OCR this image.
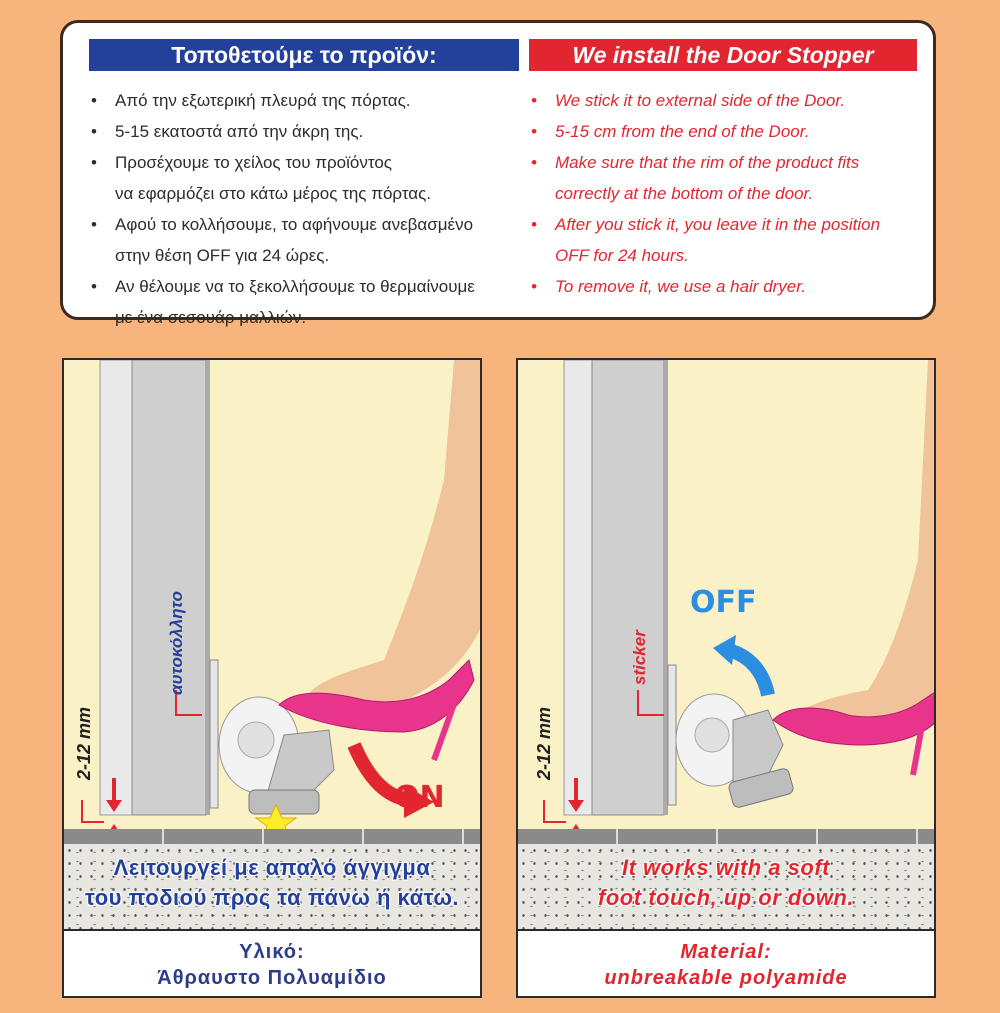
Τοποθετούμε το προϊόν:	We install the Door Stopper
• Από την εξωτερική πλευρά της πόρτας.
• 5-15 εκατοστά από την άκρη της.
• Προσέχουμε το χείλος του προϊόντος
να εφαρμόζει στο κάτω μέρος της πόρτας.
• Αφού το κολλήσουμε, το αφήνουμε ανεβασμένο
στην θέση OFF για 24 ώρες.
• Αν θέλουμε να το ξεκολλήσουμε το θερμαίνουμε
με ένα σεσουάρ μαλλιών.
• We stick it to external side of the Door.
• 5-15 cm from the end of the Door.
• Make sure that the rim of the product fits
correctly at the bottom of the door.
• After you stick it, you leave it in the position
OFF for 24 hours.
• To remove it, we use a hair dryer.
αυτοκόλλητο
2-12 mm
ON
Λειτουργεί με απαλό άγγιγμα
του ποδιού προς τα πάνω ή κάτω.
Υλικό:
Άθραυστο Πολυαμίδιο
sticker
2-12 mm
OFF
It works with a soft
foot touch, up or down.
Material:
unbreakable polyamide
